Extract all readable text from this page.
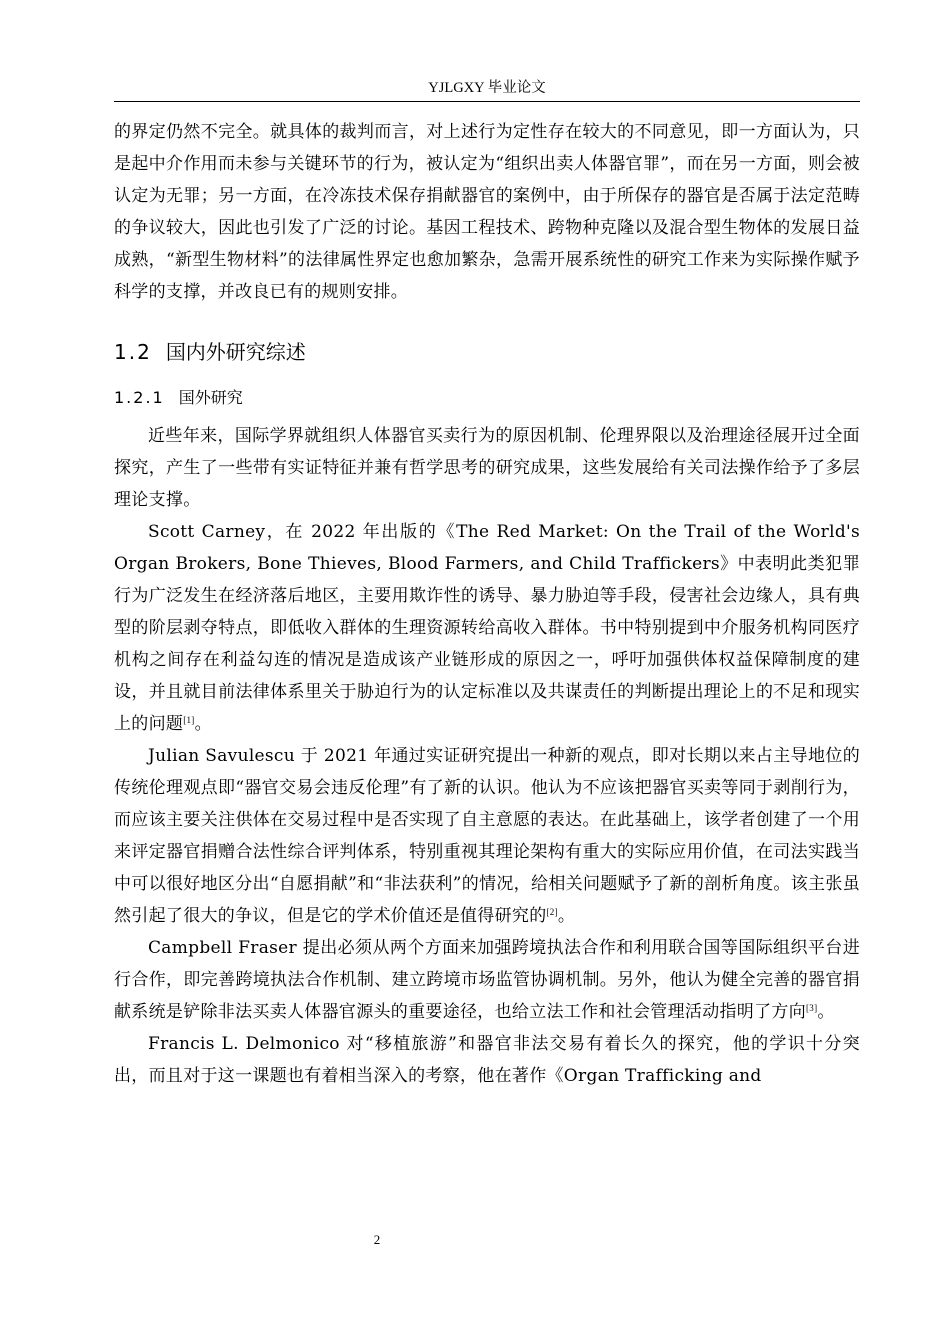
YJLGXY 毕业论文

的界定仍然不完全。就具体的裁判而言，对上述行为定性存在较大的不同意见，即一方面认为，只是起中介作用而未参与关键环节的行为，被认定为“组织出卖人体器官罪”，而在另一方面，则会被认定为无罪；另一方面，在冷冻技术保存捐献器官的案例中，由于所保存的器官是否属于法定范畴的争议较大，因此也引发了广泛的讨论。基因工程技术、跨物种克隆以及混合型生物体的发展日益成熟，“新型生物材料”的法律属性界定也愈加繁杂，急需开展系统性的研究工作来为实际操作赋予科学的支撑，并改良已有的规则安排。

1.2 国内外研究综述
1.2.1 国外研究

近些年来，国际学界就组织人体器官买卖行为的原因机制、伦理界限以及治理途径展开过全面探究，产生了一些带有实证特征并兼有哲学思考的研究成果，这些发展给有关司法操作给予了多层理论支撑。

Scott Carney，在 2022 年出版的《The Red Market: On the Trail of the World's Organ Brokers, Bone Thieves, Blood Farmers, and Child Traffickers》中表明此类犯罪行为广泛发生在经济落后地区，主要用欺诈性的诱导、暴力胁迫等手段，侵害社会边缘人，具有典型的阶层剥夺特点，即低收入群体的生理资源转给高收入群体。书中特别提到中介服务机构同医疗机构之间存在利益勾连的情况是造成该产业链形成的原因之一，呼吁加强供体权益保障制度的建设，并且就目前法律体系里关于胁迫行为的认定标准以及共谋责任的判断提出理论上的不足和现实上的问题[1]。

Julian Savulescu 于 2021 年通过实证研究提出一种新的观点，即对长期以来占主导地位的传统伦理观点即“器官交易会违反伦理”有了新的认识。他认为不应该把器官买卖等同于剥削行为，而应该主要关注供体在交易过程中是否实现了自主意愿的表达。在此基础上，该学者创建了一个用来评定器官捐赠合法性综合评判体系，特别重视其理论架构有重大的实际应用价值，在司法实践当中可以很好地区分出“自愿捐献”和“非法获利”的情况，给相关问题赋予了新的剖析角度。该主张虽然引起了很大的争议，但是它的学术价值还是值得研究的[2]。

Campbell Fraser 提出必须从两个方面来加强跨境执法合作和利用联合国等国际组织平台进行合作，即完善跨境执法合作机制、建立跨境市场监管协调机制。另外，他认为健全完善的器官捐献系统是铲除非法买卖人体器官源头的重要途径，也给立法工作和社会管理活动指明了方向[3]。

Francis L. Delmonico 对“移植旅游”和器官非法交易有着长久的探究，他的学识十分突出，而且对于这一课题也有着相当深入的考察，他在著作《Organ Trafficking and

2
